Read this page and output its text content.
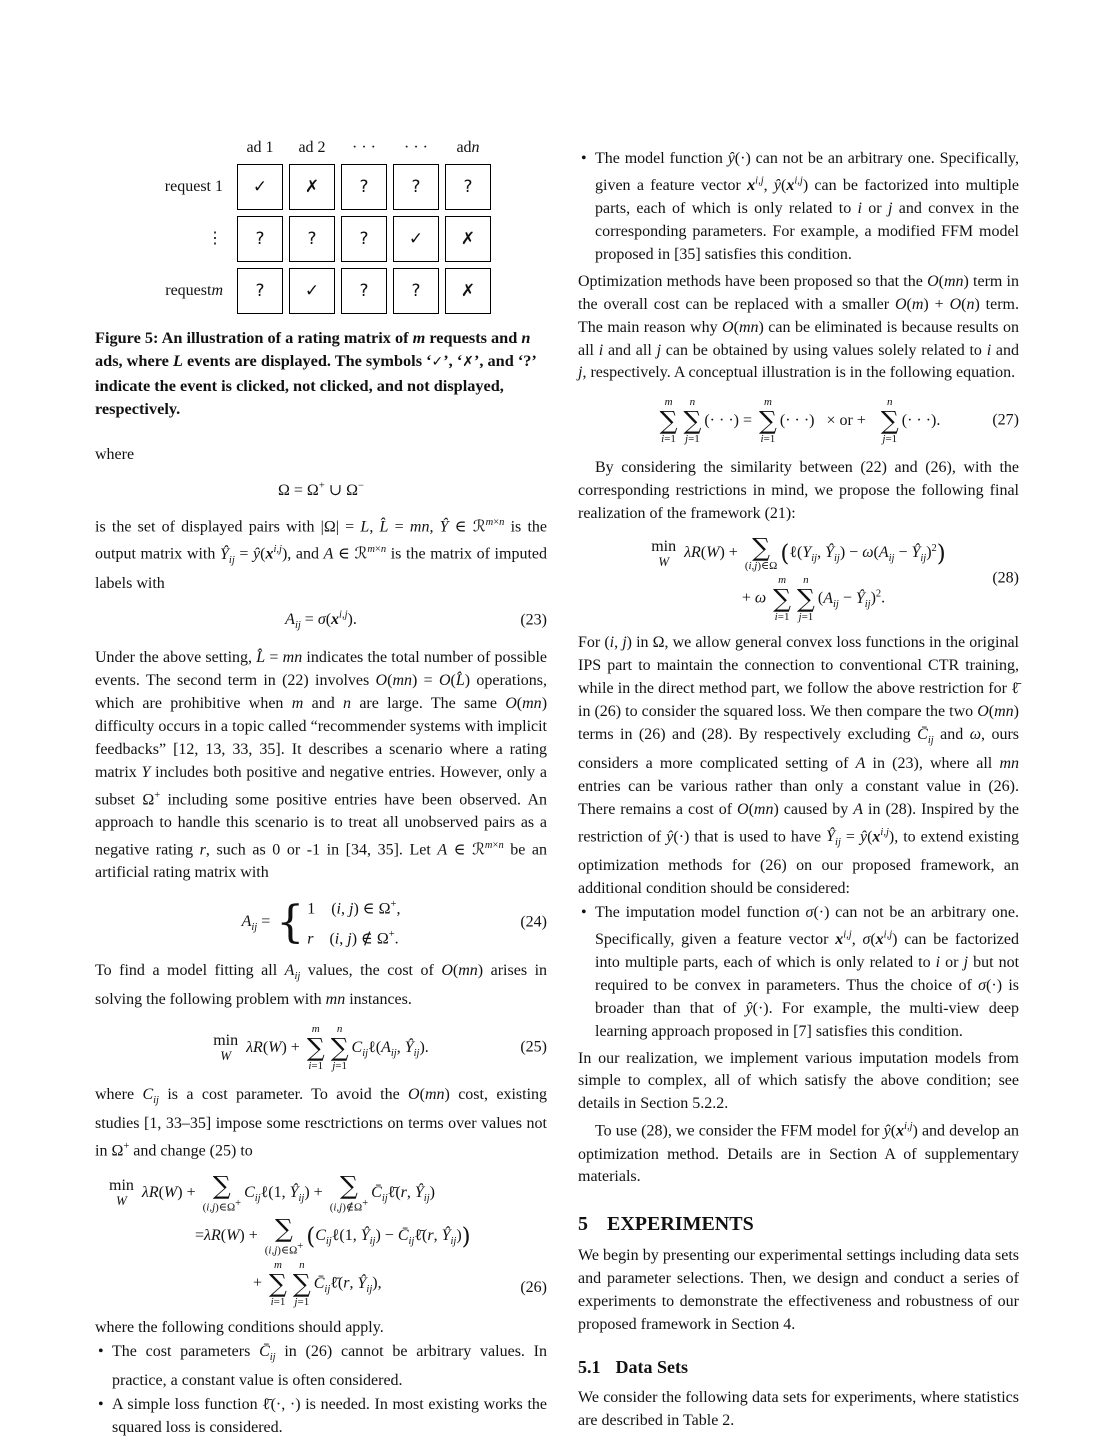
ad 1	ad 2	· · ·	· · ·	ad n
request 1	✓	✗	?	?	?
⋮	?	?	?	✓	✗
request m	?	✓	?	?	✗
Figure 5: An illustration of a rating matrix of m requests and n ads, where L events are displayed. The symbols ‘✓’, ‘✗’, and ‘?’ indicate the event is clicked, not clicked, and not displayed, respectively.

where

Ω = Ω+ ∪ Ω−

is the set of displayed pairs with |Ω| = L, L̂ = mn, Ŷ ∈ ℛ$^{m\times n}$ is the output matrix with $Ŷ_{ij}$ = $ŷ(x^{i,j})$, and A ∈ ℛ$^{m\times n}$ is the matrix of imputed labels with

$A_{ij} = \sigma(x^{i,j})$.	(23)

Under the above setting, L̂ = mn indicates the total number of possible events. The second term in (22) involves O(mn) = O(L̂) operations, which are prohibitive when m and n are large. The same O(mn) difficulty occurs in a topic called “recommender systems with implicit feedbacks” [12, 13, 33, 35]. It describes a scenario where a rating matrix Y includes both positive and negative entries. However, only a subset Ω+ including some positive entries have been observed. An approach to handle this scenario is to treat all unobserved pairs as a negative rating r, such as 0 or -1 in [34, 35]. Let A ∈ ℛ$^{m\times n}$ be an artificial rating matrix with

$A_{ij}$ = { 1  (i, j) ∈ Ω+,
r  (i, j) ∉ Ω+.
(24)

To find a model fitting all $A_{ij}$ values, the cost of O(mn) arises in solving the following problem with mn instances.

min
W λR(W) +
m
∑
i=1
n
∑
j=1
$C_{ij}\ell(A_{ij}$, $Ŷ_{ij}$).	(25)

where $C_{ij}$ is a cost parameter. To avoid the O(mn) cost, existing studies [1, 33–35] impose some resctrictions on terms over values not in Ω+ and change (25) to

min
W λR(W) + ∑
(i,j)∈Ω+
$C_{ij}\ell(1$, $Ŷ_{ij}$) + ∑
(i,j)∉Ω+
$C̄_{ij}\ell̄(r$, $Ŷ_{ij}$)
=λR(W) + ∑
(i,j)∈Ω+ ($C_{ij}\ell(1$, $Ŷ_{ij}$) − $C̄_{ij}\ell̄(r$, $Ŷ_{ij}$))
+
m
∑
i=1
n
∑
j=1
$C̄_{ij}\ell̄(r$, $Ŷ_{ij}$),	(26)

where the following conditions should apply.

• The cost parameters $C̄_{ij}$ in (26) cannot be arbitrary values. In practice, a constant value is often considered.
• A simple loss function ℓ̄(·, ·) is needed. In most existing works the squared loss is considered.
• The model function ŷ(·) can not be an arbitrary one. Specifically, given a feature vector $x^{i,j}$, $ŷ(x^{i,j})$ can be factorized into multiple parts, each of which is only related to i or j and convex in the corresponding parameters. For example, a modified FFM model proposed in [35] satisfies this condition.

Optimization methods have been proposed so that the O(mn) term in the overall cost can be replaced with a smaller O(m) + O(n) term. The main reason why O(mn) can be eliminated is because results on all i and all j can be obtained by using values solely related to i and j, respectively. A conceptual illustration is in the following equation.

m
∑
i=1
n
∑
j=1
(· · ·) =
m
∑
i=1
(· · ·)   × or +
n
∑
j=1
(· · ·).	(27)

By considering the similarity between (22) and (26), with the corresponding restrictions in mind, we propose the following final realization of the framework (21):

min
W λR(W) + ∑
(i,j)∈Ω ($\ell(Y_{ij}$, $Ŷ_{ij}) - \omega(A_{ij}$ − $Ŷ_{ij})^2$)
+ ω
m
∑
i=1
n
∑
j=1
($A_{ij}$ − $Ŷ_{ij})^2$.
(28)

For (i, j) in Ω, we allow general convex loss functions in the original IPS part to maintain the connection to conventional CTR training, while in the direct method part, we follow the above restriction for ℓ̄ in (26) to consider the squared loss. We then compare the two O(mn) terms in (26) and (28). By respectively excluding $C̄_{ij}$ and ω, ours considers a more complicated setting of A in (23), where all mn entries can be various rather than only a constant value in (26). There remains a cost of O(mn) caused by A in (28). Inspired by the restriction of ŷ(·) that is used to have $Ŷ_{ij}$ = $ŷ(x^{i,j})$, to extend existing optimization methods for (26) on our proposed framework, an additional condition should be considered:

• The imputation model function σ(·) can not be an arbitrary one. Specifically, given a feature vector $x^{i,j}$, $\sigma(x^{i,j})$ can be factorized into multiple parts, each of which is only related to i or j but not required to be convex in parameters. Thus the choice of σ(·) is broader than that of ŷ(·). For example, the multi-view deep learning approach proposed in [7] satisfies this condition.

In our realization, we implement various imputation models from simple to complex, all of which satisfy the above condition; see details in Section 5.2.2.

To use (28), we consider the FFM model for $ŷ(x^{i,j})$ and develop an optimization method. Details are in Section A of supplementary materials.

5 EXPERIMENTS

We begin by presenting our experimental settings including data sets and parameter selections. Then, we design and conduct a series of experiments to demonstrate the effectiveness and robustness of our proposed framework in Section 4.

5.1 Data Sets

We consider the following data sets for experiments, where statistics are described in Table 2.
